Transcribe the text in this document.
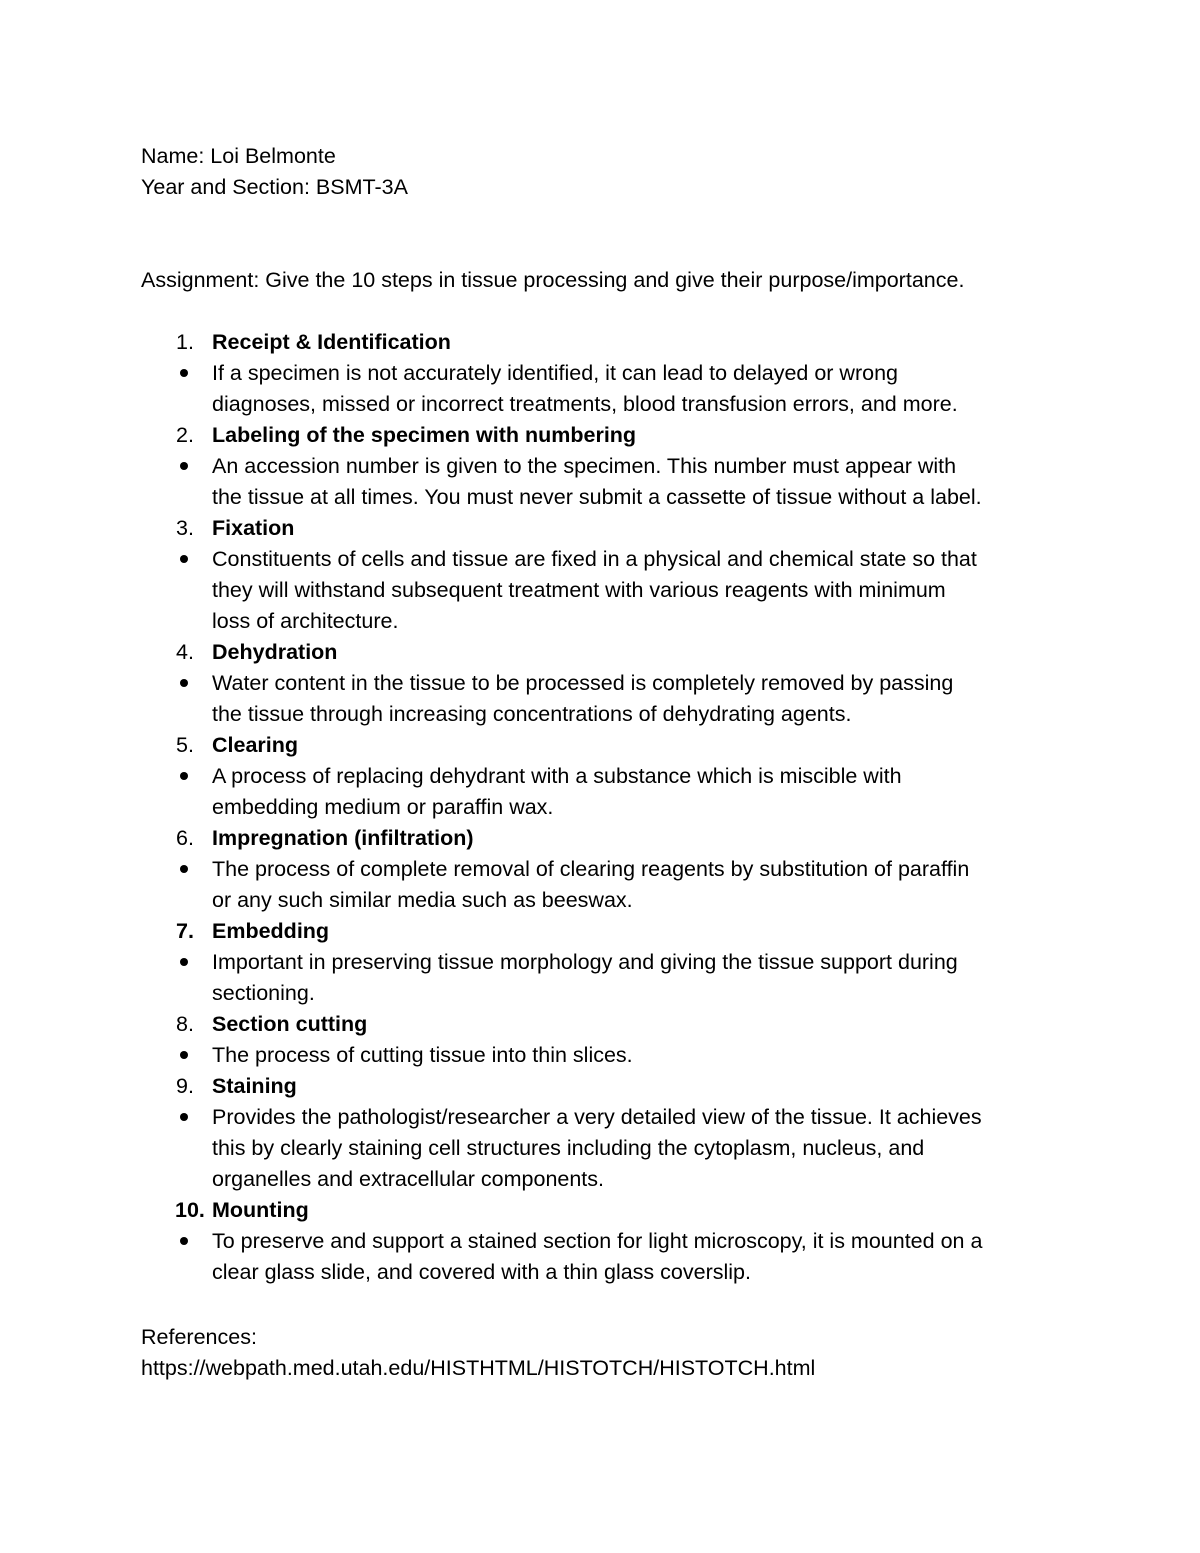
Name: Loi Belmonte
Year and Section: BSMT-3A
Assignment: Give the 10 steps in tissue processing and give their purpose/importance.
1. Receipt & Identification
If a specimen is not accurately identified, it can lead to delayed or wrong
diagnoses, missed or incorrect treatments, blood transfusion errors, and more.
2. Labeling of the specimen with numbering
An accession number is given to the specimen. This number must appear with
the tissue at all times. You must never submit a cassette of tissue without a label.
3. Fixation
Constituents of cells and tissue are fixed in a physical and chemical state so that
they will withstand subsequent treatment with various reagents with minimum
loss of architecture.
4. Dehydration
Water content in the tissue to be processed is completely removed by passing
the tissue through increasing concentrations of dehydrating agents.
5. Clearing
A process of replacing dehydrant with a substance which is miscible with
embedding medium or paraffin wax.
6. Impregnation (infiltration)
The process of complete removal of clearing reagents by substitution of paraffin
or any such similar media such as beeswax.
7. Embedding
Important in preserving tissue morphology and giving the tissue support during
sectioning.
8. Section cutting
The process of cutting tissue into thin slices.
9. Staining
Provides the pathologist/researcher a very detailed view of the tissue. It achieves
this by clearly staining cell structures including the cytoplasm, nucleus, and
organelles and extracellular components.
10. Mounting
To preserve and support a stained section for light microscopy, it is mounted on a
clear glass slide, and covered with a thin glass coverslip.
References:
https://webpath.med.utah.edu/HISTHTML/HISTOTCH/HISTOTCH.html
